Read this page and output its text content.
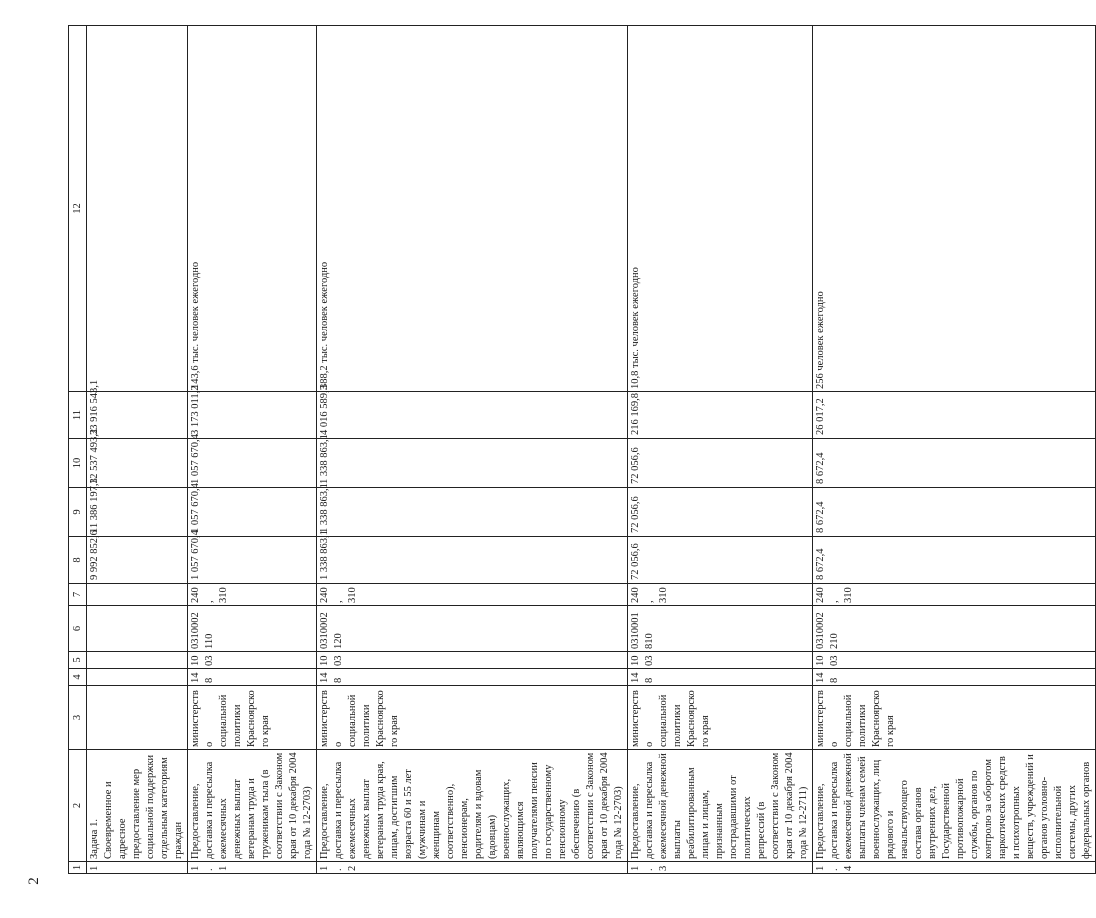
2
1	2	3	4	5	6	7	8	9	10	11	12
1	Задача 1. Своевременное и адресное предоставление мер социальной поддержки отдельным категориям граждан						9 992 852,6	11 386 197,3	12 537 493,2	33 916 543,1	
1.1	Предоставление, доставка и пересылка ежемесячных денежных выплат ветеранам труда и труженикам тыла (в соответствии с Законом края от 10 декабря 2004 года № 12-2703)	министерство социальной политики Красноярского края	148	1003	0310002110	240, 310	1 057 670,4	1 057 670,4	1 057 670,4	3 173 011,2	143,6 тыс. человек ежегодно
1.2	Предоставление, доставка и пересылка ежемесячных денежных выплат ветеранам труда края, лицам, достигшим возраста 60 и 55 лет (мужчинам и женщинам соответственно), пенсионерам, родителям и вдовам (вдовцам) военнослужащих, являющимся получателями пенсии по государственному пенсионному обеспечению (в соответствии с Законом края от 10 декабря 2004 года № 12-2703)	министерство социальной политики Красноярского края	148	1003	0310002120	240, 310	1 338 863,1	1 338 863,1	1 338 863,1	4 016 589,3	388,2 тыс. человек ежегодно
1.3	Предоставление, доставка и пересылка ежемесячной денежной выплаты реабилитированным лицам и лицам, признанным пострадавшими от политических репрессий (в соответствии с Законом края от 10 декабря 2004 года № 12-2711)	министерство социальной политики Красноярского края	148	1003	0310001810	240, 310	72 056,6	72 056,6	72 056,6	216 169,8	10,8 тыс. человек ежегодно
1.4	Предоставление, доставка и пересылка ежемесячной денежной выплаты членам семей военнослужащих, лиц рядового и начальствующего состава органов внутренних дел, Государственной противопожарной службы, органов по контролю за оборотом наркотических средств и психотропных веществ, учреждений и органов уголовно-исполнительной системы, других федеральных органов	министерство социальной политики Красноярского края	148	1003	0310002210	240, 310	8 672,4	8 672,4	8 672,4	26 017,2	256 человек ежегодно
